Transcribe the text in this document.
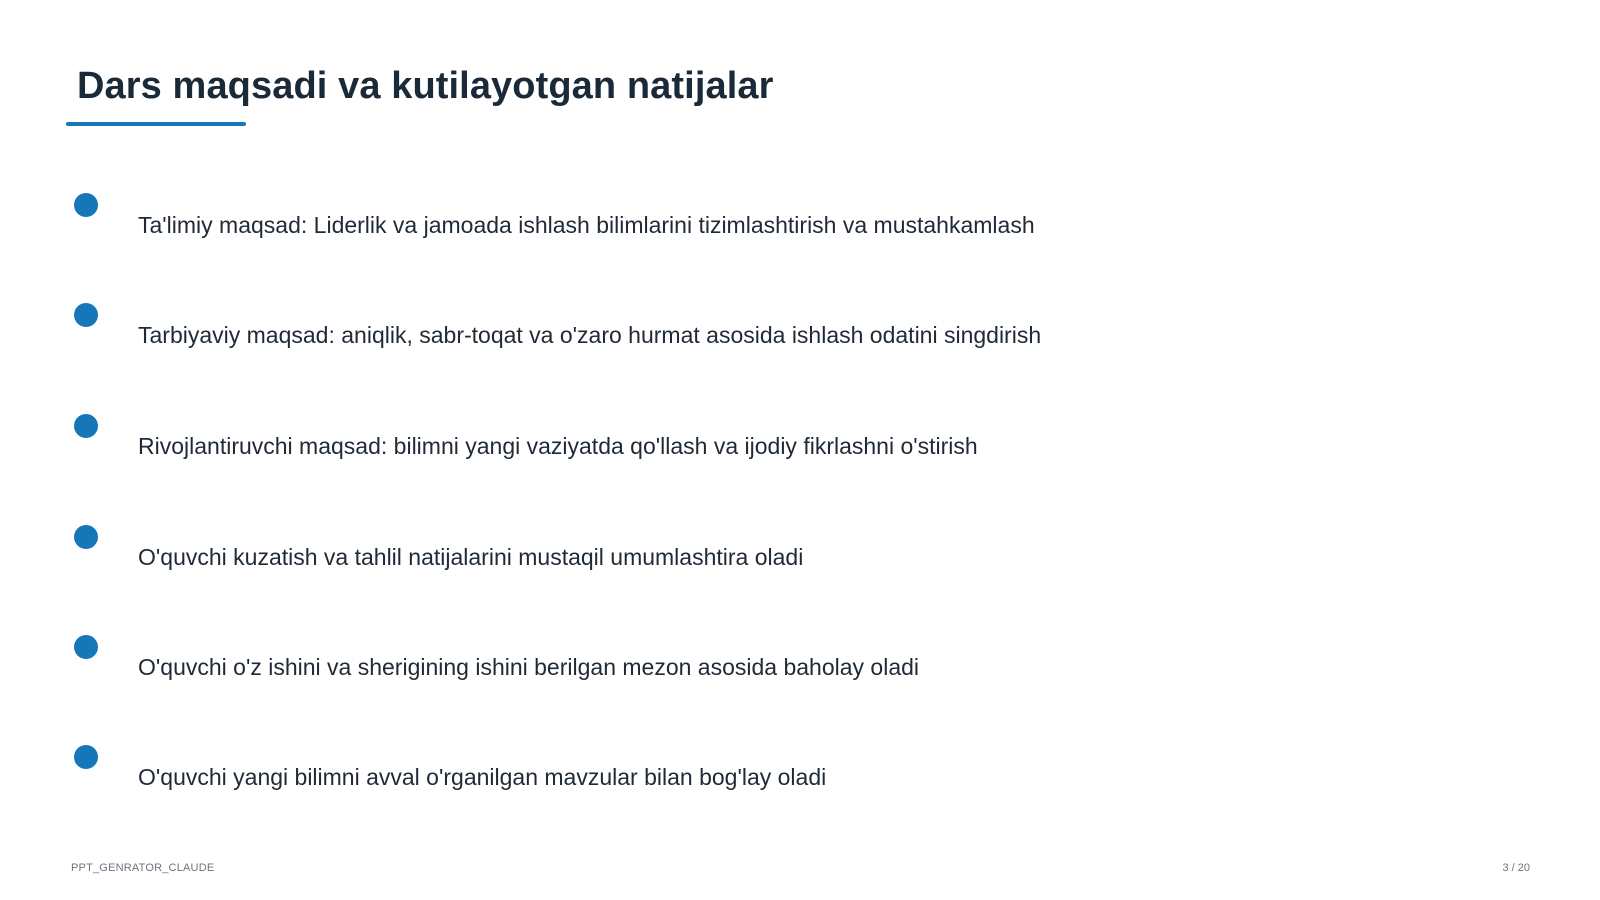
Dars maqsadi va kutilayotgan natijalar
Ta'limiy maqsad: Liderlik va jamoada ishlash bilimlarini tizimlashtirish va mustahkamlash
Tarbiyaviy maqsad: aniqlik, sabr-toqat va o'zaro hurmat asosida ishlash odatini singdirish
Rivojlantiruvchi maqsad: bilimni yangi vaziyatda qo'llash va ijodiy fikrlashni o'stirish
O'quvchi kuzatish va tahlil natijalarini mustaqil umumlashtira oladi
O'quvchi o'z ishini va sherigining ishini berilgan mezon asosida baholay oladi
O'quvchi yangi bilimni avval o'rganilgan mavzular bilan bog'lay oladi
PPT_GENRATOR_CLAUDE	3 / 20
